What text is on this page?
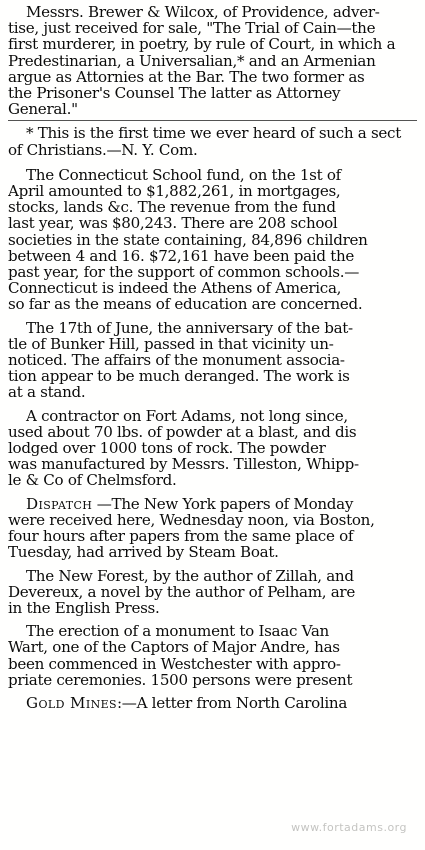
Messrs. Brewer & Wilcox, of Providence, adver-
tise, just received for sale, "The Trial of Cain—the
first murderer, in poetry, by rule of Court, in which a
Predestinarian, a Universalian,* and an Armenian
argue as Attornies at the Bar. The two former as
the Prisoner's Counsel The latter as Attorney
General."
* This is the first time we ever heard of such a sect
of Christians.—N. Y. Com.
The Connecticut School fund, on the 1st of
April amounted to $1,882,261, in mortgages,
stocks, lands &c. The revenue from the fund
last year, was $80,243. There are 208 school
societies in the state containing, 84,896 children
between 4 and 16. $72,161 have been paid the
past year, for the support of common schools.—
Connecticut is indeed the Athens of America,
so far as the means of education are concerned.
The 17th of June, the anniversary of the bat-
tle of Bunker Hill, passed in that vicinity un-
noticed. The affairs of the monument associa-
tion appear to be much deranged. The work is
at a stand.
A contractor on Fort Adams, not long since,
used about 70 lbs. of powder at a blast, and dis
lodged over 1000 tons of rock. The powder
was manufactured by Messrs. Tilleston, Whipp-
le & Co of Chelmsford.
Dispatch —The New York papers of Monday
were received here, Wednesday noon, via Boston,
four hours after papers from the same place of
Tuesday, had arrived by Steam Boat.
The New Forest, by the author of Zillah, and
Devereux, a novel by the author of Pelham, are
in the English Press.
The erection of a monument to Isaac Van
Wart, one of the Captors of Major Andre, has
been commenced in Westchester with appro-
priate ceremonies. 1500 persons were present
Gold Mines:—A letter from North Carolina
www.fortadams.org
